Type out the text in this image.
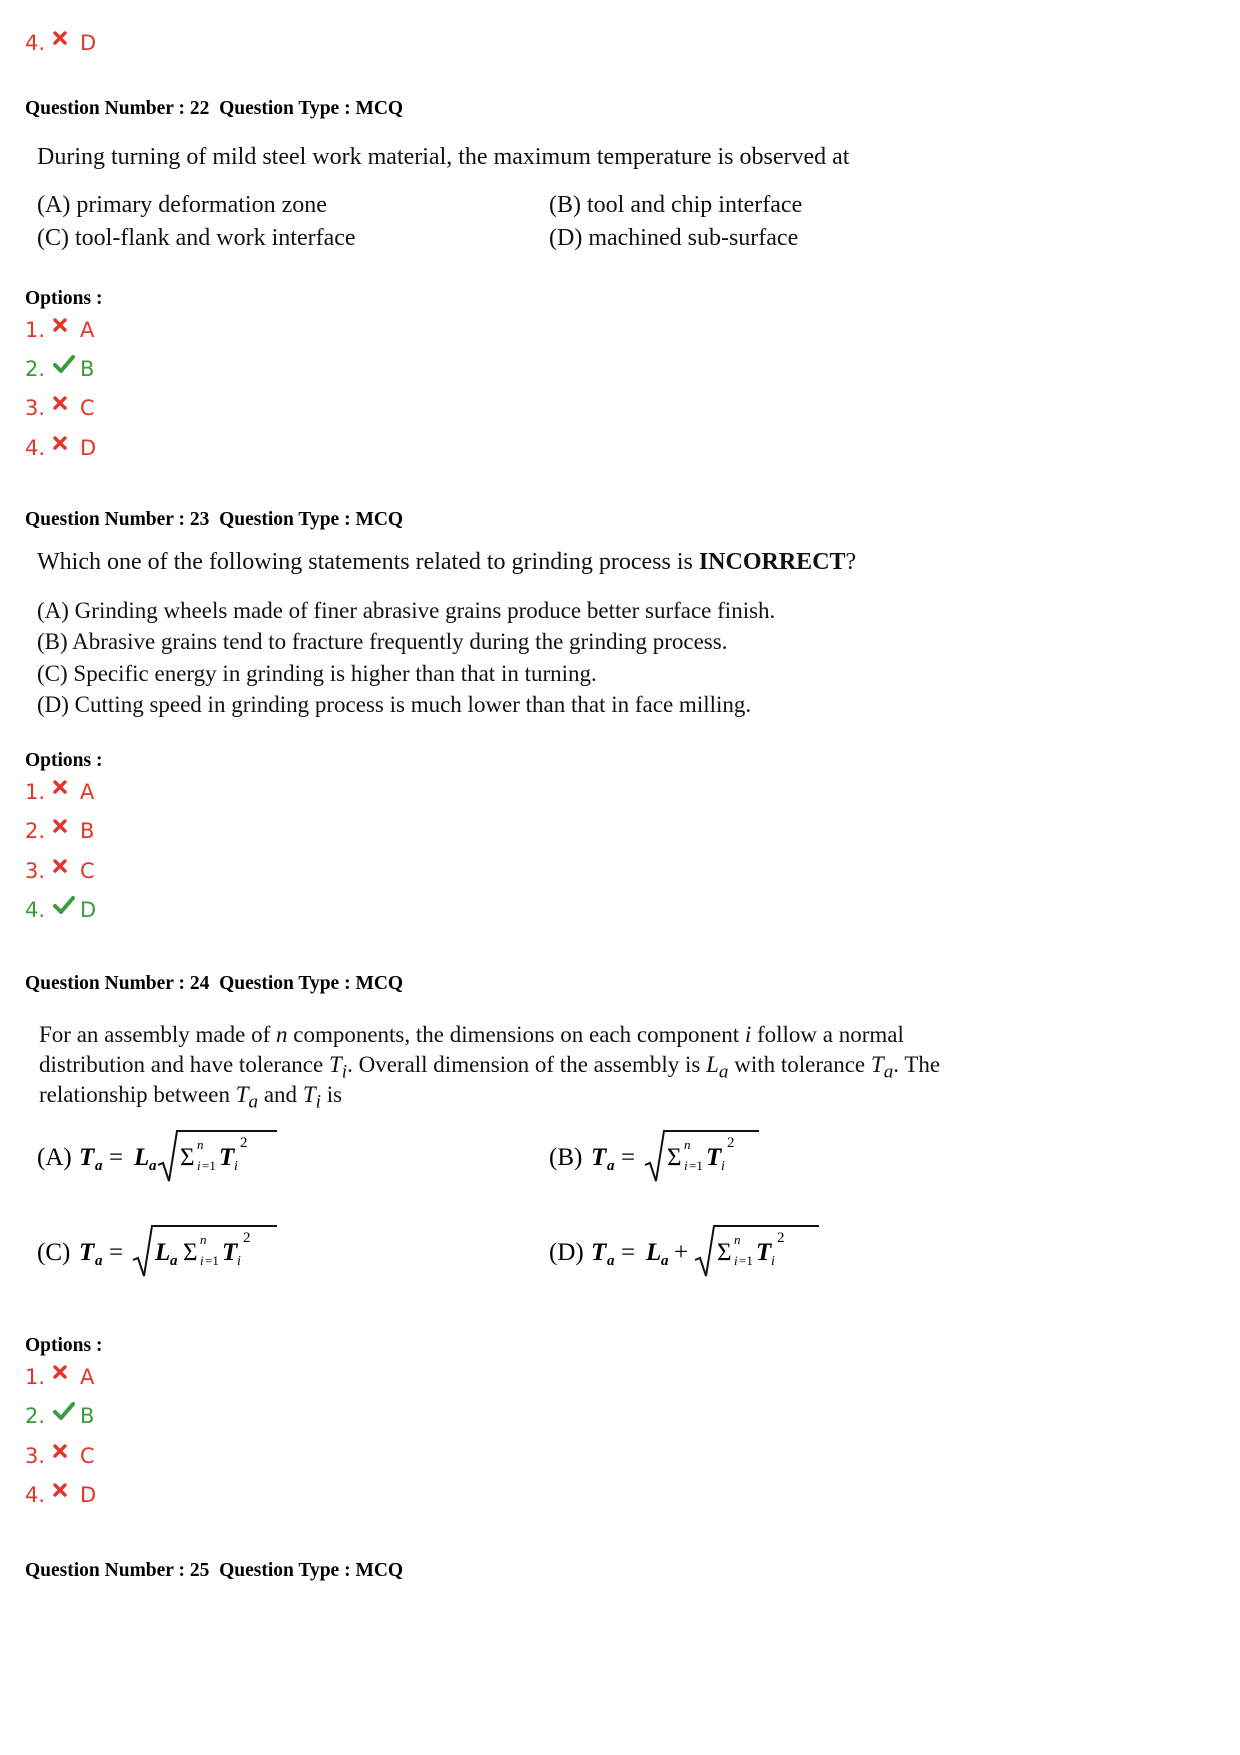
4.	D
Question Number : 22  Question Type : MCQ
During turning of mild steel work material, the maximum temperature is observed at
(A) primary deformation zone	(B) tool and chip interface
(C) tool-flank and work interface	(D) machined sub-surface
Options :
1.	A
2.	B
3.	C
4.	D
Question Number : 23  Question Type : MCQ
Which one of the following statements related to grinding process is INCORRECT?
(A) Grinding wheels made of finer abrasive grains produce better surface finish.
(B) Abrasive grains tend to fracture frequently during the grinding process.
(C) Specific energy in grinding is higher than that in turning.
(D) Cutting speed in grinding process is much lower than that in face milling.
Options :
1.	A
2.	B
3.	C
4.	D
Question Number : 24  Question Type : MCQ
For an assembly made of n components, the dimensions on each component i follow a normal
distribution and have tolerance $T_i$. Overall dimension of the assembly is $L_a$ with tolerance $T_a$. The
relationship between $T_a$ and $T_i$ is
(A) T a = L a Σ n
i =1 T i
2
(B) T a = Σ n
i =1 T i
2
(C) T a = L a Σ n
i =1 T i
2
(D) T a = L a + Σ n
i =1 T i
2
Options :
1.	A
2.	B
3.	C
4.	D
Question Number : 25  Question Type : MCQ
